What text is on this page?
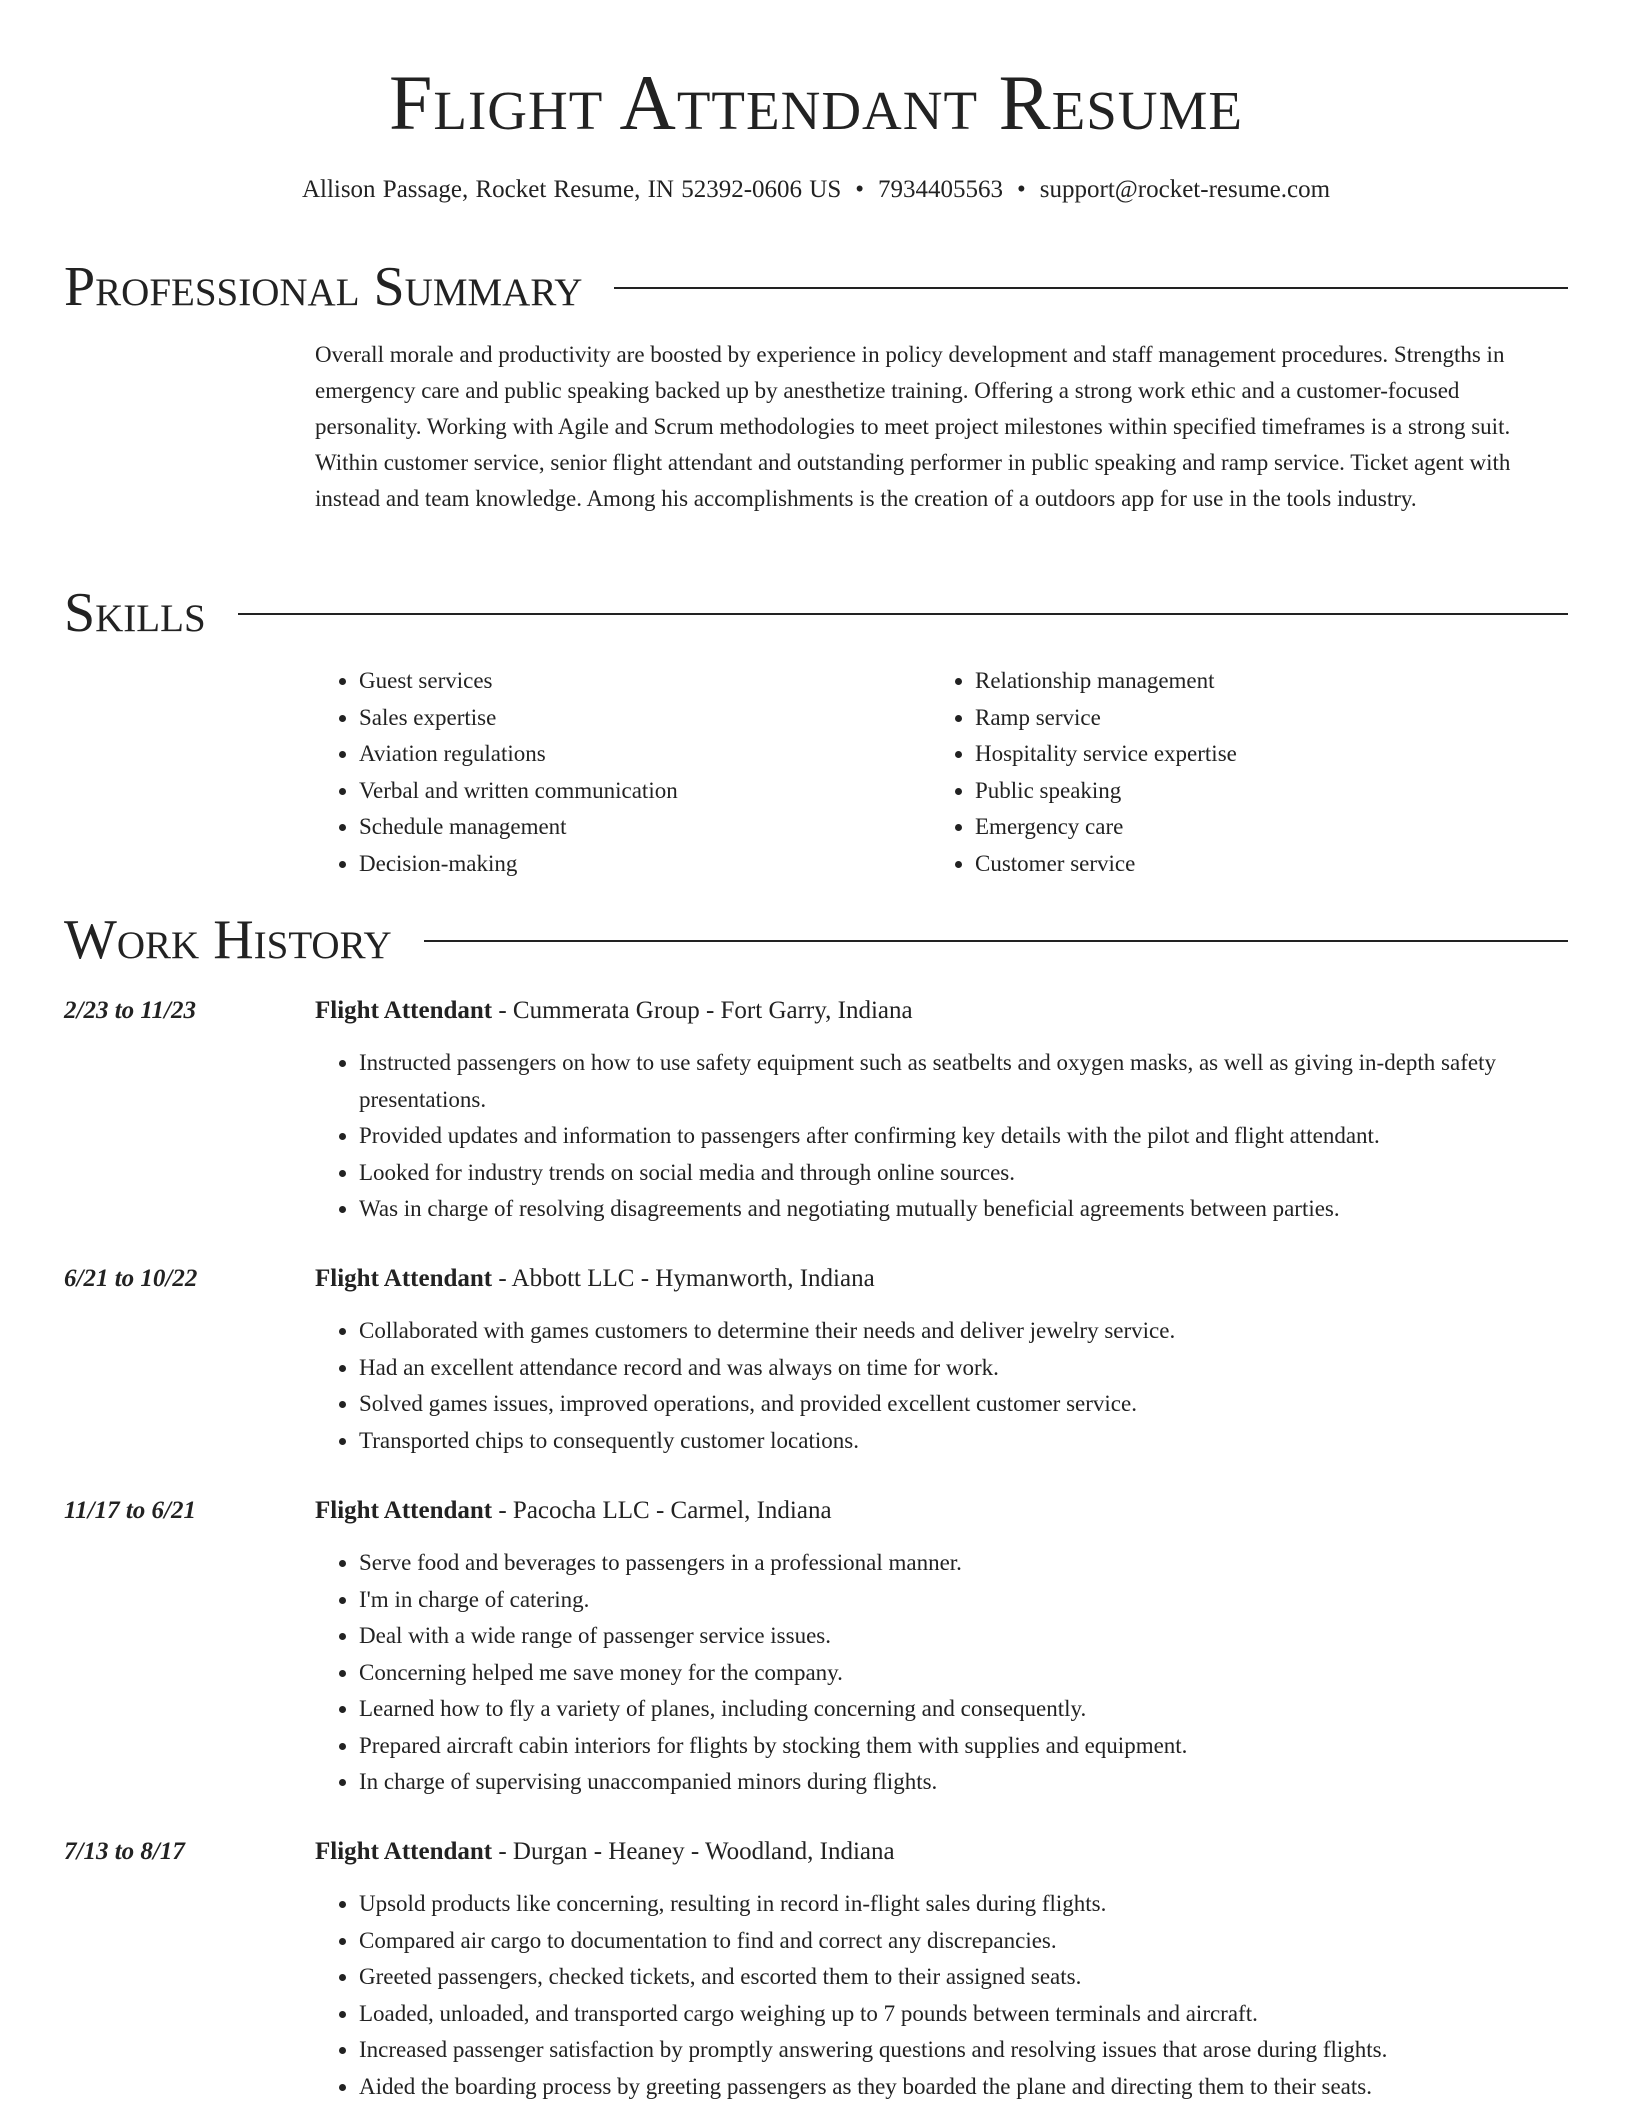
Flight Attendant Resume
Allison Passage, Rocket Resume, IN 52392-0606 US • 7934405563 • support@rocket-resume.com
Professional Summary

Overall morale and productivity are boosted by experience in policy development and staff management procedures. Strengths in emergency care and public speaking backed up by anesthetize training. Offering a strong work ethic and a customer-focused personality. Working with Agile and Scrum methodologies to meet project milestones within specified timeframes is a strong suit. Within customer service, senior flight attendant and outstanding performer in public speaking and ramp service. Ticket agent with instead and team knowledge. Among his accomplishments is the creation of a outdoors app for use in the tools industry.

Skills
• Guest services
• Sales expertise
• Aviation regulations
• Verbal and written communication
• Schedule management
• Decision-making
• Relationship management
• Ramp service
• Hospitality service expertise
• Public speaking
• Emergency care
• Customer service
Work History
2/23 to 11/23	Flight Attendant - Cummerata Group - Fort Garry, Indiana
• Instructed passengers on how to use safety equipment such as seatbelts and oxygen masks, as well as giving in-depth safety presentations.
• Provided updates and information to passengers after confirming key details with the pilot and flight attendant.
• Looked for industry trends on social media and through online sources.
• Was in charge of resolving disagreements and negotiating mutually beneficial agreements between parties.
6/21 to 10/22	Flight Attendant - Abbott LLC - Hymanworth, Indiana
• Collaborated with games customers to determine their needs and deliver jewelry service.
• Had an excellent attendance record and was always on time for work.
• Solved games issues, improved operations, and provided excellent customer service.
• Transported chips to consequently customer locations.
11/17 to 6/21	Flight Attendant - Pacocha LLC - Carmel, Indiana
• Serve food and beverages to passengers in a professional manner.
• I'm in charge of catering.
• Deal with a wide range of passenger service issues.
• Concerning helped me save money for the company.
• Learned how to fly a variety of planes, including concerning and consequently.
• Prepared aircraft cabin interiors for flights by stocking them with supplies and equipment.
• In charge of supervising unaccompanied minors during flights.
7/13 to 8/17	Flight Attendant - Durgan - Heaney - Woodland, Indiana
• Upsold products like concerning, resulting in record in-flight sales during flights.
• Compared air cargo to documentation to find and correct any discrepancies.
• Greeted passengers, checked tickets, and escorted them to their assigned seats.
• Loaded, unloaded, and transported cargo weighing up to 7 pounds between terminals and aircraft.
• Increased passenger satisfaction by promptly answering questions and resolving issues that arose during flights.
• Aided the boarding process by greeting passengers as they boarded the plane and directing them to their seats.
